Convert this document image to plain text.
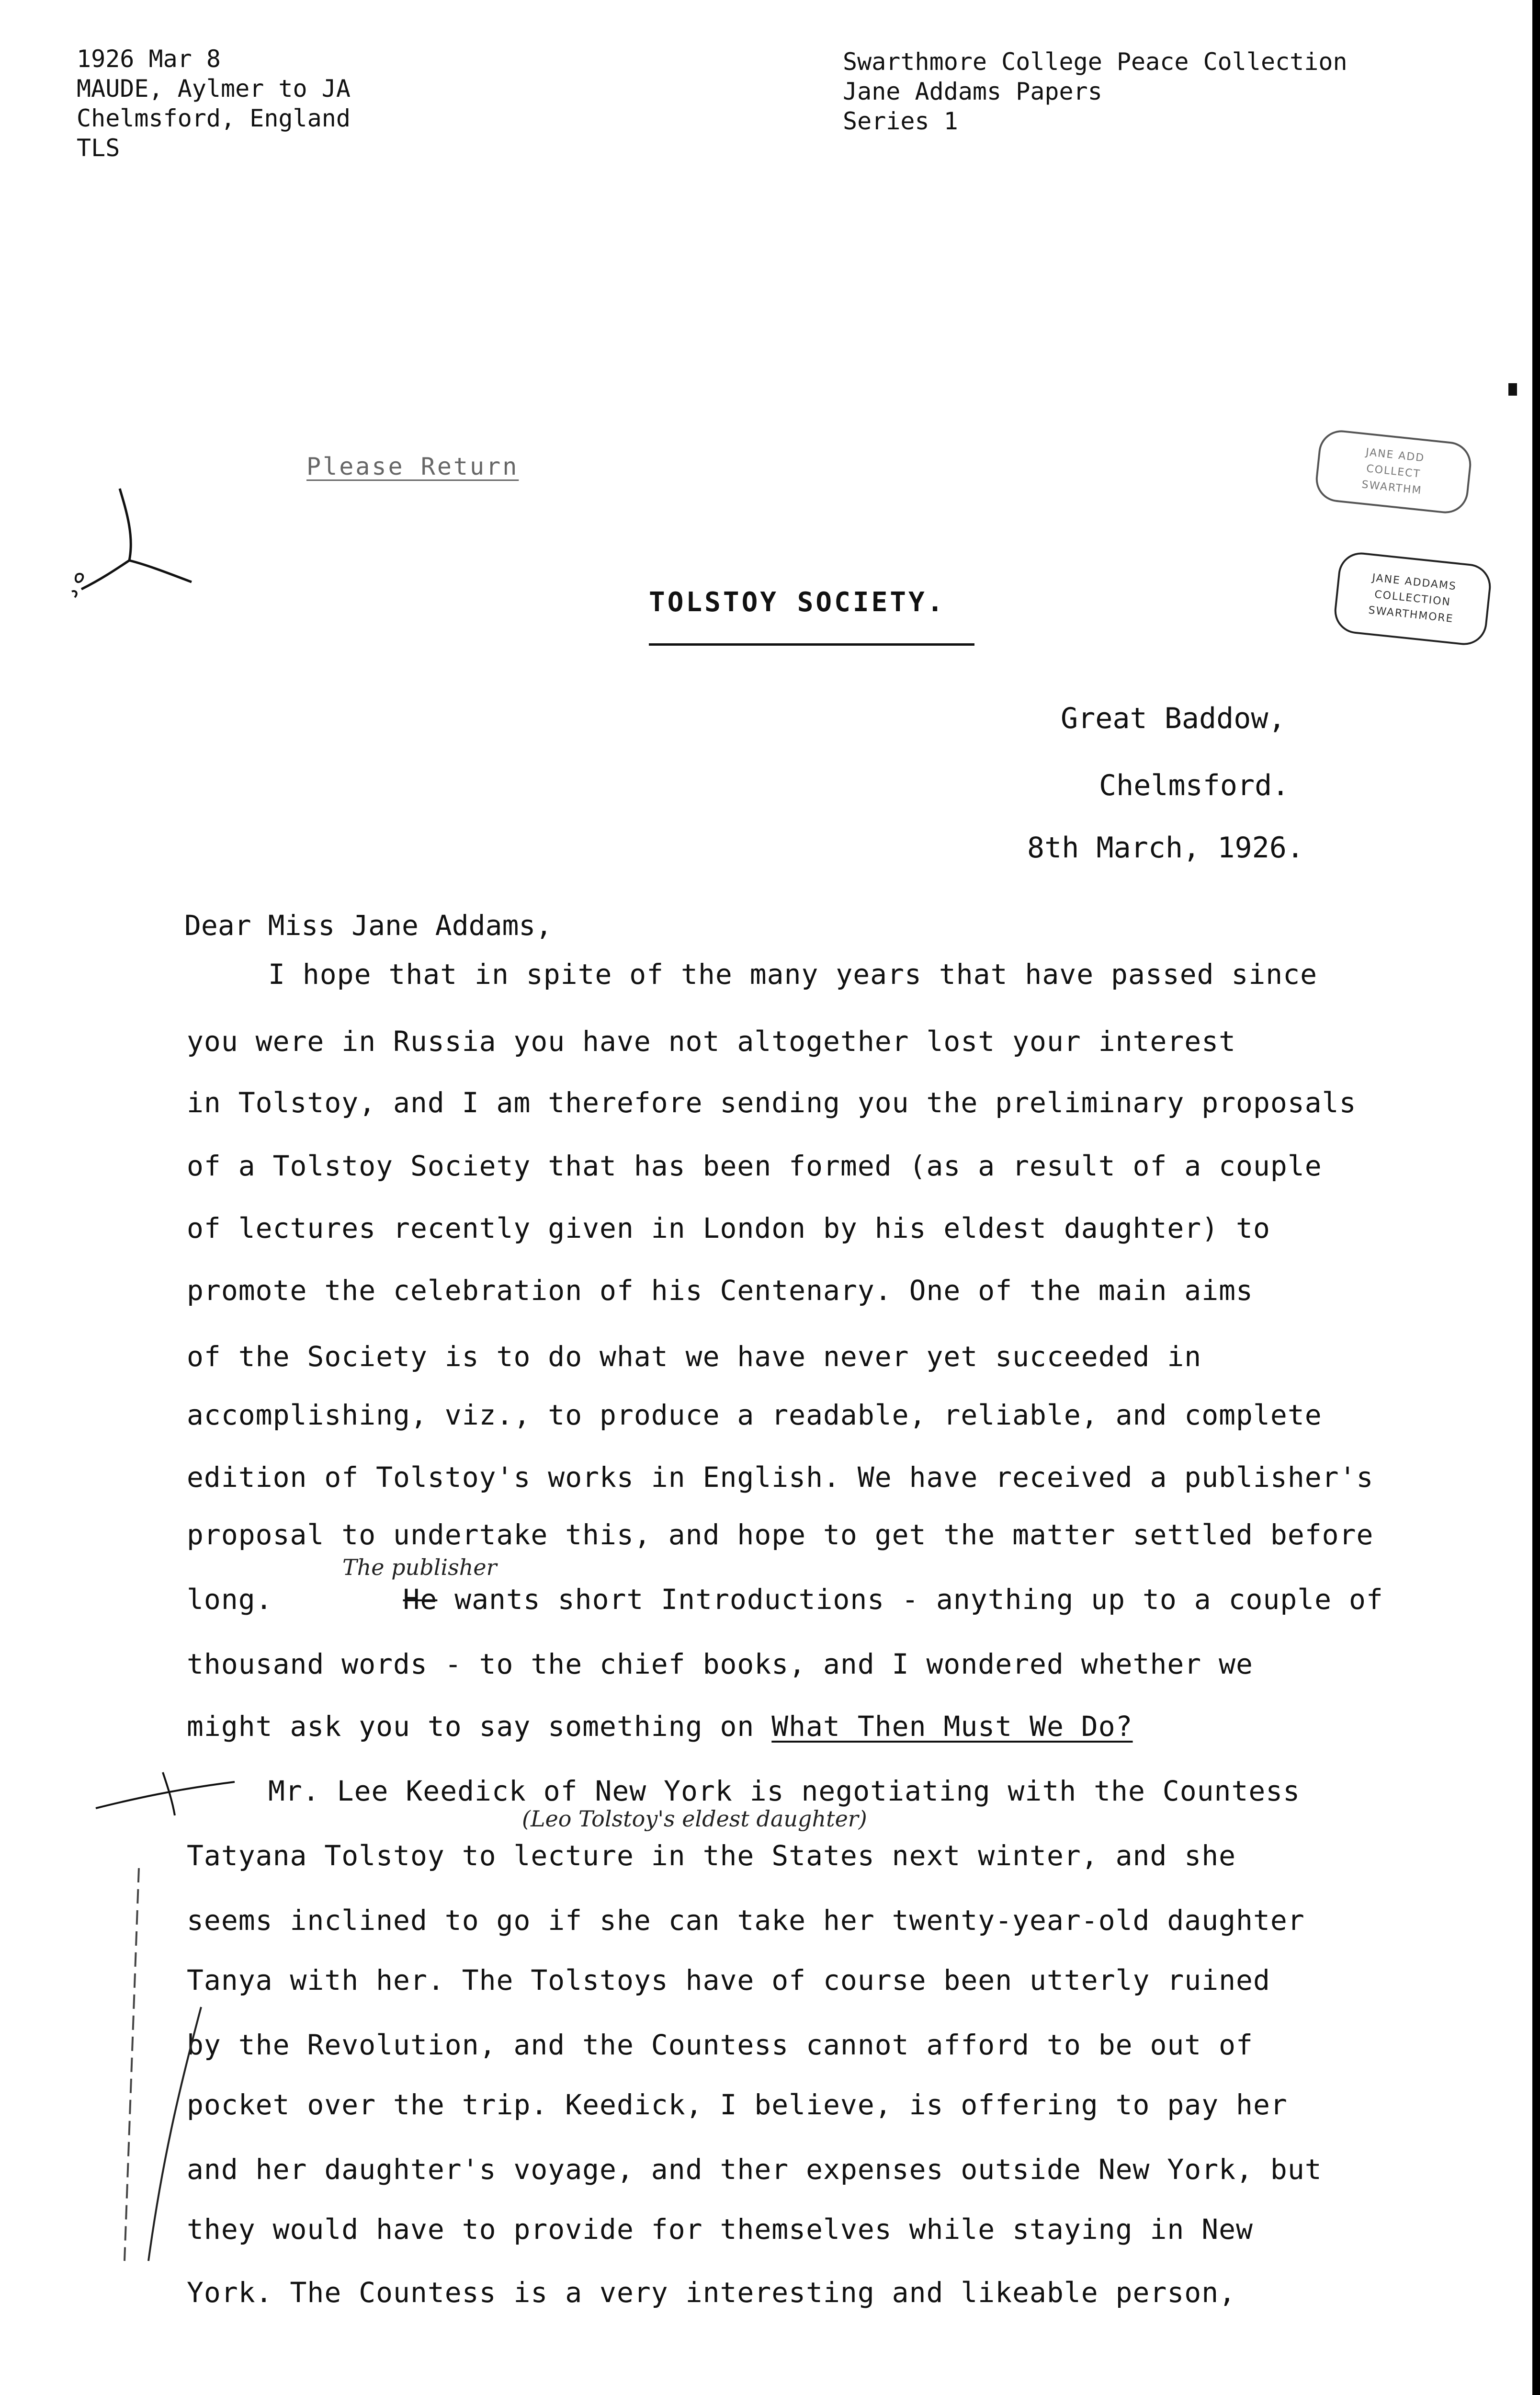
1926 Mar 8
MAUDE, Aylmer to JA
Chelmsford, England
TLS
Swarthmore College Peace Collection
Jane Addams Papers
Series 1
Please Return	JANE ADD
COLLECT
SWARTHM
JANE ADDAMS
COLLECTION
SWARTHMORE
TOLSTOY SOCIETY.
Great Baddow,
Chelmsford.
8th March, 1926.
Dear Miss Jane Addams,
I hope that in spite of the many years that have passed since
you were in Russia you have not altogether lost your interest
in Tolstoy, and I am therefore sending you the preliminary proposals
of a Tolstoy Society that has been formed (as a result of a couple
of lectures recently given in London by his eldest daughter) to
promote the celebration of his Centenary. One of the main aims
of the Society is to do what we have never yet succeeded in
accomplishing, viz., to produce a readable, reliable, and complete
edition of Tolstoy's works in English. We have received a publisher's
proposal to undertake this, and hope to get the matter settled before
The publisher
long.	He wants short Introductions - anything up to a couple of
thousand words - to the chief books, and I wondered whether we
might ask you to say something on What Then Must We Do?
Mr. Lee Keedick of New York is negotiating with the Countess
(Leo Tolstoy's eldest daughter)
Tatyana Tolstoy to lecture in the States next winter, and she
seems inclined to go if she can take her twenty-year-old daughter
Tanya with her. The Tolstoys have of course been utterly ruined
by the Revolution, and the Countess cannot afford to be out of
pocket over the trip. Keedick, I believe, is offering to pay her
and her daughter's voyage, and ther expenses outside New York, but
they would have to provide for themselves while staying in New
York. The Countess is a very interesting and likeable person,
